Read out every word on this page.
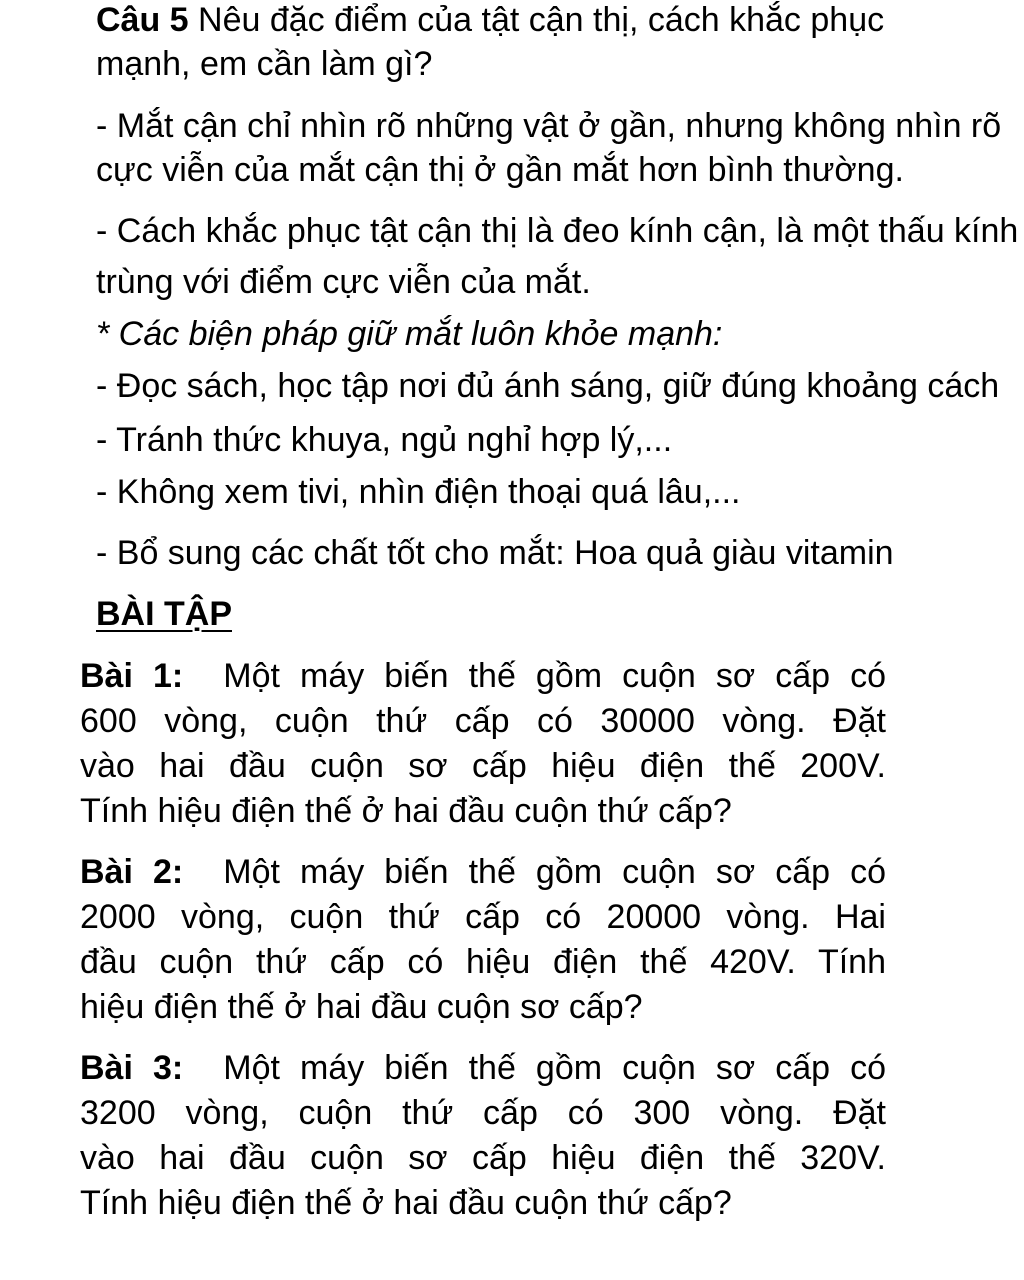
Câu 5 Nêu đặc điểm của tật cận thị, cách khắc phục

mạnh, em cần làm gì?

- Mắt cận chỉ nhìn rõ những vật ở gần, nhưng không nhìn rõ

cực viễn của mắt cận thị ở gần mắt hơn bình thường.

- Cách khắc phục tật cận thị là đeo kính cận, là một thấu kính

trùng với điểm cực viễn của mắt.

* Các biện pháp giữ mắt luôn khỏe mạnh:

- Đọc sách, học tập nơi đủ ánh sáng, giữ đúng khoảng cách

- Tránh thức khuya, ngủ nghỉ hợp lý,...

- Không xem tivi, nhìn điện thoại quá lâu,...

- Bổ sung các chất tốt cho mắt: Hoa quả giàu vitamin

BÀI TẬP
Bài 1: Một máy biến thế gồm cuộn sơ cấp có
600 vòng, cuộn thứ cấp có 30000 vòng. Đặt
vào hai đầu cuộn sơ cấp hiệu điện thế 200V.
Tính hiệu điện thế ở hai đầu cuộn thứ cấp?
Bài 2: Một máy biến thế gồm cuộn sơ cấp có
2000 vòng, cuộn thứ cấp có 20000 vòng. Hai
đầu cuộn thứ cấp có hiệu điện thế 420V. Tính
hiệu điện thế ở hai đầu cuộn sơ cấp?
Bài 3: Một máy biến thế gồm cuộn sơ cấp có
3200 vòng, cuộn thứ cấp có 300 vòng. Đặt
vào hai đầu cuộn sơ cấp hiệu điện thế 320V.
Tính hiệu điện thế ở hai đầu cuộn thứ cấp?
